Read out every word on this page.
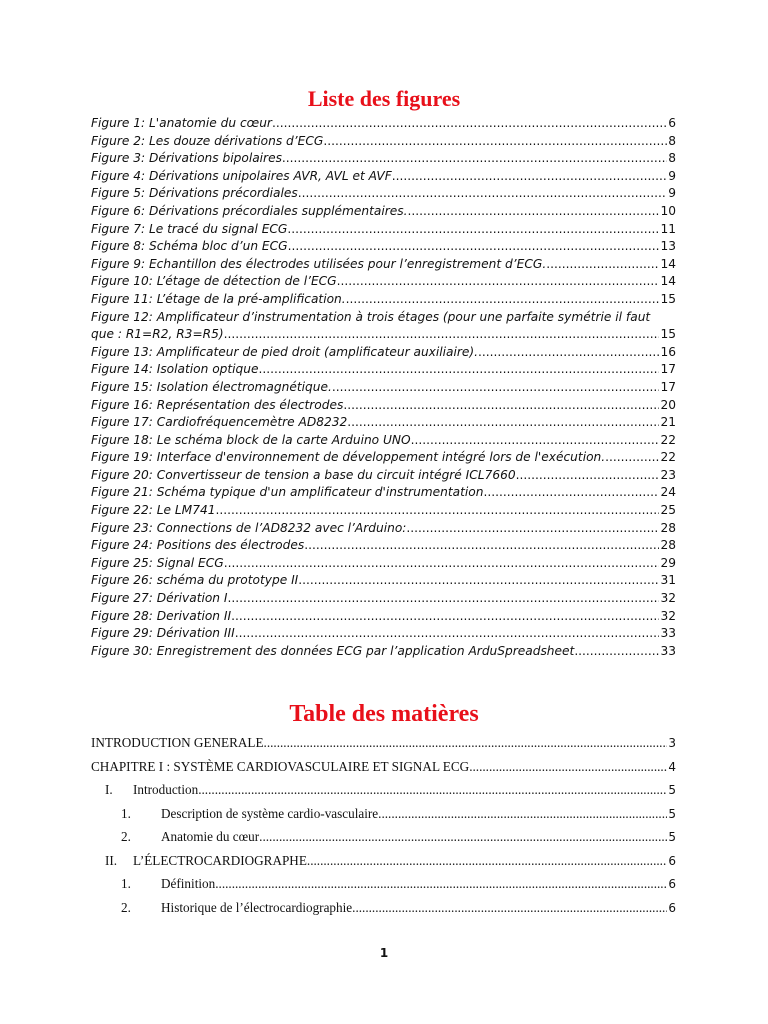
Liste des figures
Figure 1: L'anatomie du cœur .....	6
Figure 2: Les douze dérivations d’ECG .....	8
Figure 3: Dérivations bipolaires .....	8
Figure 4: Dérivations unipolaires AVR, AVL et AVF .....	9
Figure 5: Dérivations précordiales .....	9
Figure 6: Dérivations précordiales supplémentaires. .....	10
Figure 7: Le tracé du signal ECG .....	11
Figure 8: Schéma bloc d’un ECG .....	13
Figure 9: Echantillon des électrodes utilisées pour l’enregistrement d’ECG. .....	14
Figure 10: L’étage de détection de l’ECG .....	14
Figure 11: L’étage de la pré-amplification. .....	15
Figure 12: Amplificateur d’instrumentation à trois étages (pour une parfaite symétrie il faut
que : R1=R2, R3=R5) .....	15
Figure 13: Amplificateur de pied droit (amplificateur auxiliaire). .....	16
Figure 14: Isolation optique .....	17
Figure 15: Isolation électromagnétique. .....	17
Figure 16: Représentation des électrodes .....	20
Figure 17: Cardiofréquencemètre AD8232 .....	21
Figure 18: Le schéma block de la carte Arduino UNO .....	22
Figure 19: Interface d'environnement de développement intégré lors de l'exécution. .....	22
Figure 20: Convertisseur de tension a base du circuit intégré ICL7660 .....	23
Figure 21: Schéma typique d'un amplificateur d'instrumentation .....	24
Figure 22: Le LM741 .....	25
Figure 23: Connections de l’AD8232 avec l’Arduino: .....	28
Figure 24: Positions des électrodes .....	28
Figure 25: Signal ECG .....	29
Figure 26: schéma du prototype II .....	31
Figure 27: Dérivation I .....	32
Figure 28: Derivation II .....	32
Figure 29: Dérivation III .....	33
Figure 30: Enregistrement des données ECG par l’application ArduSpreadsheet .....	33
Table des matières
INTRODUCTION GENERALE .....	3
CHAPITRE I : SYSTÈME CARDIOVASCULAIRE ET SIGNAL ECG .....	4
I.	Introduction .....	5
1.	Description de système cardio-vasculaire .....	5
2.	Anatomie du cœur .....	5
II.	L’ÉLECTROCARDIOGRAPHE .....	6
1.	Définition .....	6
2.	Historique de l’électrocardiographie .....	6
1
